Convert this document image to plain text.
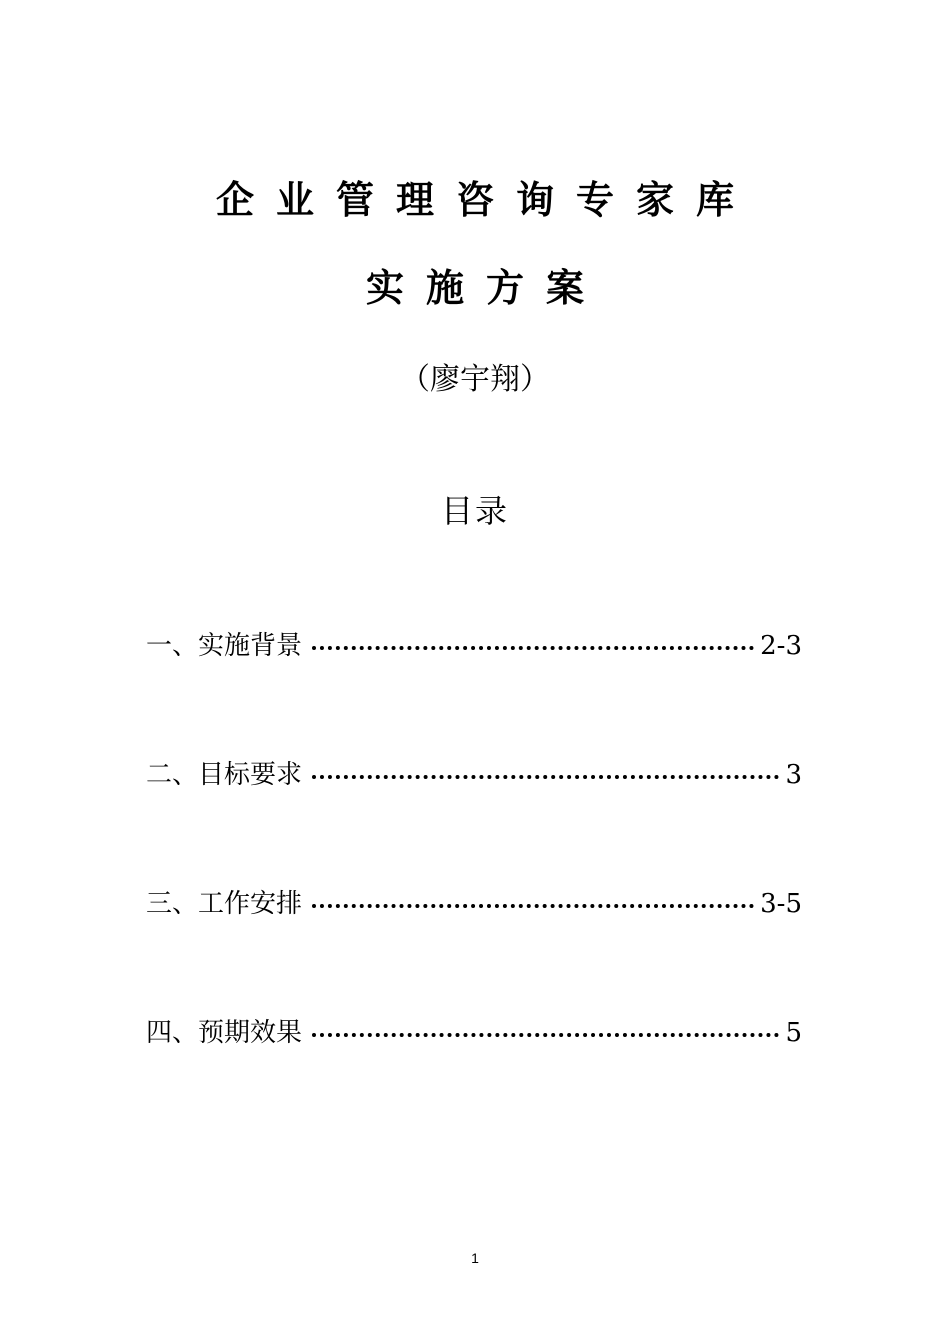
企业管理咨询专家库
实施方案
（廖宇翔）
目录
一、实施背景	2-3
二、目标要求	3
三、工作安排	3-5
四、预期效果	5
1
